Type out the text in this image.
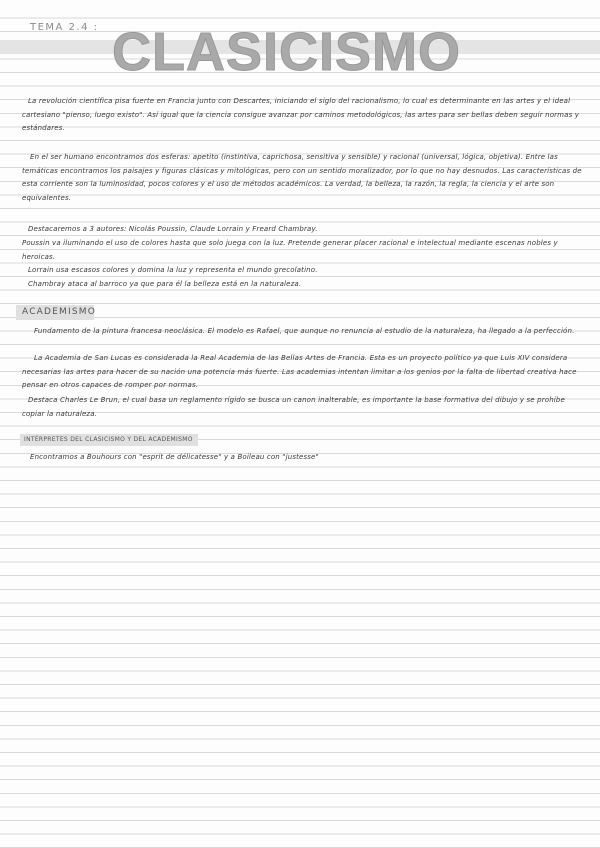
TEMA 2.4 : CLASICISMO

La revolución científica pisa fuerte en Francia junto con Descartes, iniciando el siglo del racionalismo, lo cual es determinante en las artes y el ideal cartesiano "pienso, luego existo". Así igual que la ciencia consigue avanzar por caminos metodológicos, las artes para ser bellas deben seguir normas y estándares.

En el ser humano encontramos dos esferas: apetito (instintiva, caprichosa, sensitiva y sensible) y racional (universal, lógica, objetiva). Entre las temáticas encontramos los paisajes y figuras clásicas y mitológicas, pero con un sentido moralizador, por lo que no hay desnudos. Las características de esta corriente son la luminosidad, pocos colores y el uso de métodos académicos. La verdad, la belleza, la razón, la regla, la ciencia y el arte son equivalentes.

Destacaremos a 3 autores: Nicolás Poussin, Claude Lorrain y Freard Chambray.

Poussin va iluminando el uso de colores hasta que solo juega con la luz. Pretende generar placer racional e intelectual mediante escenas nobles y heroicas.

Lorrain usa escasos colores y domina la luz y representa el mundo grecolatino.

Chambray ataca al barroco ya que para él la belleza está en la naturaleza.

ACADEMISMO

Fundamento de la pintura francesa neoclásica. El modelo es Rafael, que aunque no renuncia al estudio de la naturaleza, ha llegado a la perfección.

La Academia de San Lucas es considerada la Real Academia de las Bellas Artes de Francia. Esta es un proyecto político ya que Luis XIV considera necesarias las artes para hacer de su nación una potencia más fuerte. Las academias intentan limitar a los genios por la falta de libertad creativa hace pensar en otros capaces de romper por normas.

Destaca Charles Le Brun, el cual basa un reglamento rígido se busca un canon inalterable, es importante la base formativa del dibujo y se prohíbe copiar la naturaleza.

INTÉRPRETES DEL CLASICISMO Y DEL ACADEMISMO

Encontramos a Bouhours con "esprit de délicatesse" y a Boileau con "justesse"
